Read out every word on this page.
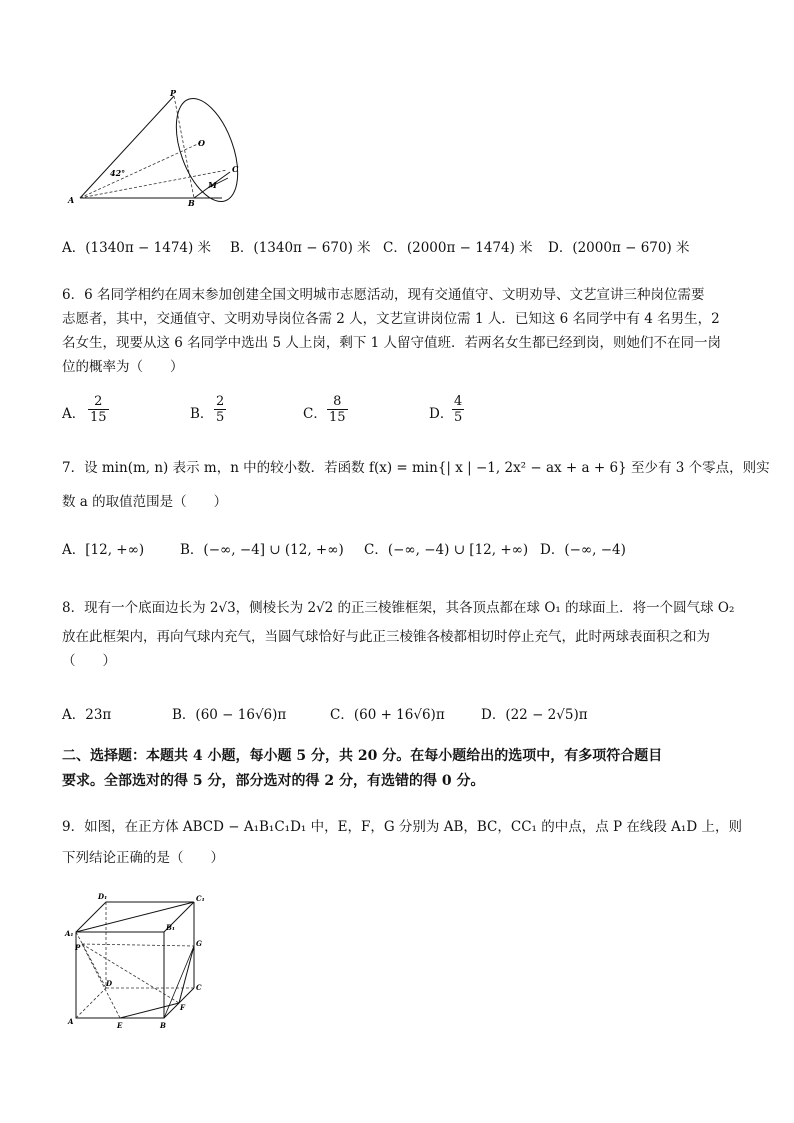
P
O
C
M
B
A
42°
A．(1340π − 1474) 米 B．(1340π − 670) 米 C．(2000π − 1474) 米 D．(2000π − 670) 米
6．6 名同学相约在周末参加创建全国文明城市志愿活动，现有交通值守、文明劝导、文艺宣讲三种岗位需要
志愿者，其中，交通值守、文明劝导岗位各需 2 人，文艺宣讲岗位需 1 人．已知这 6 名同学中有 4 名男生，2
名女生，现要从这 6 名同学中选出 5 人上岗，剩下 1 人留守值班．若两名女生都已经到岗，则她们不在同一岗
位的概率为（　　）
A． $\frac{2}{15}$	B． $\frac{2}{5}$	C． $\frac{8}{15}$	D．
$\frac{4}{5}$
7．设 min(m, n) 表示 m，n 中的较小数．若函数 f(x) = min{| x | −1, 2x² − ax + a + 6} 至少有 3 个零点，则实
数 a 的取值范围是（　　）
A．[12, +∞)	B．(−∞, −4] ∪ (12, +∞) C．(−∞, −4) ∪ [12, +∞) D．(−∞, −4)
8．现有一个底面边长为 2√3，侧棱长为 2√2 的正三棱锥框架，其各顶点都在球 O₁ 的球面上．将一个圆气球 O₂
放在此框架内，再向气球内充气，当圆气球恰好与此正三棱锥各棱都相切时停止充气，此时两球表面积之和为
（　　）
A．23π	B．(60 − 16√6)π	C．(60 + 16√6)π	D．(22 − 2√5)π
二、选择题：本题共 4 小题，每小题 5 分，共 20 分。在每小题给出的选项中，有多项符合题目
要求。全部选对的得 5 分，部分选对的得 2 分，有选错的得 0 分。
9．如图，在正方体 ABCD − A₁B₁C₁D₁ 中，E，F，G 分别为 AB，BC，CC₁ 的中点，点 P 在线段 A₁D 上，则
下列结论正确的是（　　）
D₁	C₁
A₁
B₁
P	G
D	C
F
A	E	B
